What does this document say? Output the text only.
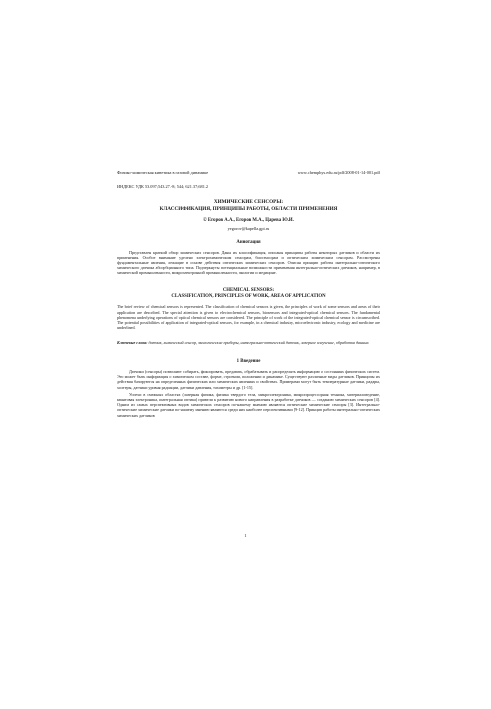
Физико-химическая кинетика в газовой динамике	www.chemphys.edu.ru/pdf/2008-01-14-001.pdf
ИНДЕКС УДК 53.097;543.27.-8; 544; 621.37;681.2
ХИМИЧЕСКИЕ СЕНСОРЫ:
КЛАССИФИКАЦИЯ, ПРИНЦИПЫ РАБОТЫ, ОБЛАСТИ ПРИМЕНЕНИЯ
© Егоров А.А., Егоров М.А., Царева Ю.И.
yegorov@kapella.gpi.ru
Аннотация

Представлен краткий обзор химических сенсоров. Даны их классификация, описаны принципы работы некоторых датчиков и области их применения. Особое внимание уделено электрохимическим сенсорам, биосенсорам и оптическим химическим сенсорам. Рассмотрены фундаментальные явления, лежащие в основе действия оптических химических сенсоров. Описан принцип работы интегрально-оптического химического датчика абсорбционного типа. Подчеркнуты потенциальные возможности применения интегрально-оптических датчиков, например, в химической промышленности, микроэлектронной промышленности, экологии и медицине.

CHEMICAL SENSORS:
CLASSIFICATION, PRINCIPLES OF WORK, AREA OF APPLICATION

The brief review of chemical sensors is represented. The classification of chemical sensors is given, the principles of work of some sensors and areas of their application are described. The special attention is given to electrochemical sensors, biosensors and integrated-optical chemical sensors. The fundamental phenomena underlying operations of optical chemical sensors are considered. The principle of work of the integrated-optical chemical sensor is circumscribed. The potential possibilities of application of integrated-optical sensors, for example, in a chemical industry, microelectronic industry, ecology and medicine are underlined.

Ключевые слова: датчик, химический сенсор, экологические приборы, интегрально-оптический датчик, лазерное излучение, обработка данных
1 Введение

Датчики (сенсоры) позволяют собирать, фиксировать, предавать, обрабатывать и распределять информацию о состояниях физических систем. Это может быть информация о химическом составе, форме, строении, положении и динамике. Существуют различные виды датчиков. Принципы их действия базируются на определенных физических или химических явлениях и свойствах. Примерами могут быть температурные датчики, радары, холтеры, датчики уровня радиации, датчики давления, тахометры и др. [1-15].

Успехи в смежных областях (лазерная физика, физика твердого тела, микроэлектроника, микропроцессорная техника, материаловедение, квантовая электроника, интегральная оптика) привели к развитию нового направления в разработке датчиков — созданию химических сенсоров [4]. Одним из самых перспективных видов химических сенсоров по-нашему мнению являются оптические химические сенсоры [3]. Интегрально-оптические химические датчики по-нашему мнению являются среди них наиболее перспективными [9-12]. Принцип работы интегрально-оптических химических датчиков

1
